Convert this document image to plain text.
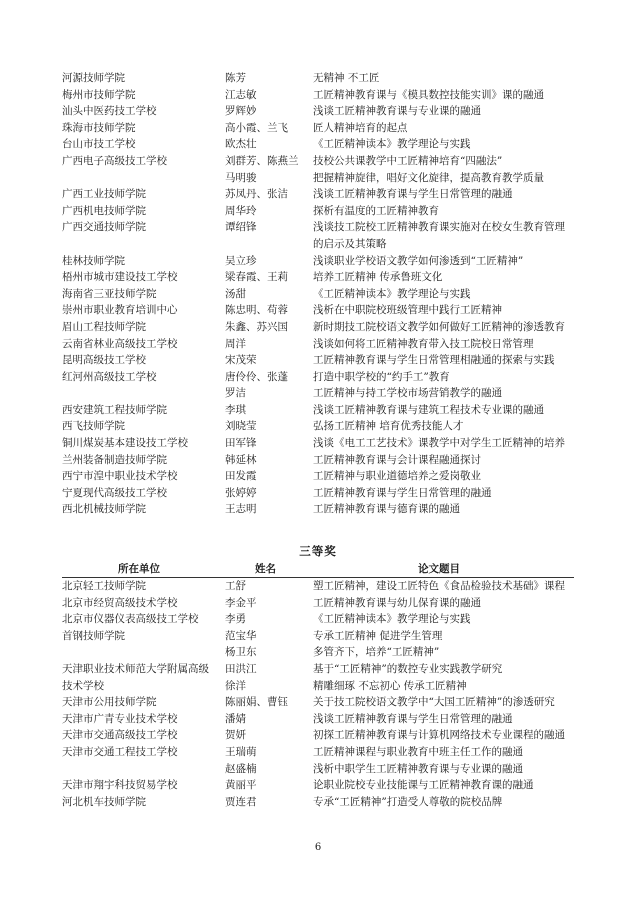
河源技师学院	陈芳	无精神 不工匠
梅州市技师学院	江志敏	工匠精神教育课与《模具数控技能实训》课的融通
汕头中医药技工学校	罗辉妙	浅谈工匠精神教育课与专业课的融通
珠海市技师学院	高小霞、兰飞 匠人精神培育的起点
台山市技工学校	欧杰壮	《工匠精神读本》教学理论与实践
广西电子高级技工学校	刘群芳、陈燕兰 技校公共课教学中工匠精神培育“四融法”
马明骏	把握精神旋律，唱好文化旋律，提高教育教学质量
广西工业技师学院	苏凤丹、张洁 浅谈工匠精神教育课与学生日常管理的融通
广西机电技师学院	周华玲	探析有温度的工匠精神教育
广西交通技师学院	谭绍锋	浅谈技工院校工匠精神教育课实施对在校女生教育管理
的启示及其策略
桂林技师学院	吴立珍	浅谈职业学校语文教学如何渗透到“工匠精神”
梧州市城市建设技工学校	梁春霞、王莉 培养工匠精神 传承鲁班文化
海南省三亚技师学院	汤甜	《工匠精神读本》教学理论与实践
崇州市职业教育培训中心	陈忠明、苟蓉 浅析在中职院校班级管理中践行工匠精神
眉山工程技师学院	朱鑫、苏兴国 新时期技工院校语文教学如何做好工匠精神的渗透教育
云南省林业高级技工学校	周洋	浅谈如何将工匠精神教育带入技工院校日常管理
昆明高级技工学校	宋茂荣	工匠精神教育课与学生日常管理相融通的探索与实践
红河州高级技工学校	唐伶伶、张蓬 打造中职学校的“约手工”教育
罗洁	工匠精神与持工学校市场营销教学的融通
西安建筑工程技师学院	李琪	浅谈工匠精神教育课与建筑工程技术专业课的融通
西飞技师学院	刘晓莹	弘扬工匠精神 培育优秀技能人才
铜川煤炭基本建设技工学校	田军锋	浅谈《电工工艺技术》课教学中对学生工匠精神的培养
兰州装备制造技师学院	韩延林	工匠精神教育课与会计课程融通探讨
西宁市湟中职业技术学校	田发霞	工匠精神与职业道德培养之爱岗敬业
宁夏现代高级技工学校	张婷婷	工匠精神教育课与学生日常管理的融通
西北机械技师学院	王志明	工匠精神教育课与德育课的融通
三等奖
所在单位	姓名	论文题目
北京轻工技师学院	工舒	塑工匠精神，建设工匠特色《食品检验技术基础》课程
北京市经贸高级技术学校	李金平	工匠精神教育课与幼儿保育课的融通
北京市仪器仪表高级技工学校	李勇	《工匠精神读本》教学理论与实践
首钢技师学院	范宝华	专承工匠精神 促进学生管理
杨卫东	多管齐下，培养“工匠精神”
天津职业技术师范大学附属高级 田洪江	基于“工匠精神”的数控专业实践教学研究
技术学校	徐洋	精雕细琢 不忘初心 传承工匠精神
天津市公用技师学院	陈丽娟、曹钰 关于技工院校语文教学中“大国工匠精神”的渗透研究
天津市广青专业技术学校	潘婧	浅谈工匠精神教育课与学生日常管理的融通
天津市交通高级技工学校	贺妍	初探工匠精神教育课与计算机网络技术专业课程的融通
天津市交通工程技工学校	王瑞萌	工匠精神课程与职业教育中班主任工作的融通
赵盛楠	浅析中职学生工匠精神教育课与专业课的融通
天津市翔宇科技贸易学校	黄丽平	论职业院校专业技能课与工匠精神教育课的融通
河北机车技师学院	贾连君	专承“工匠精神”打造受人尊敬的院校品牌
6
